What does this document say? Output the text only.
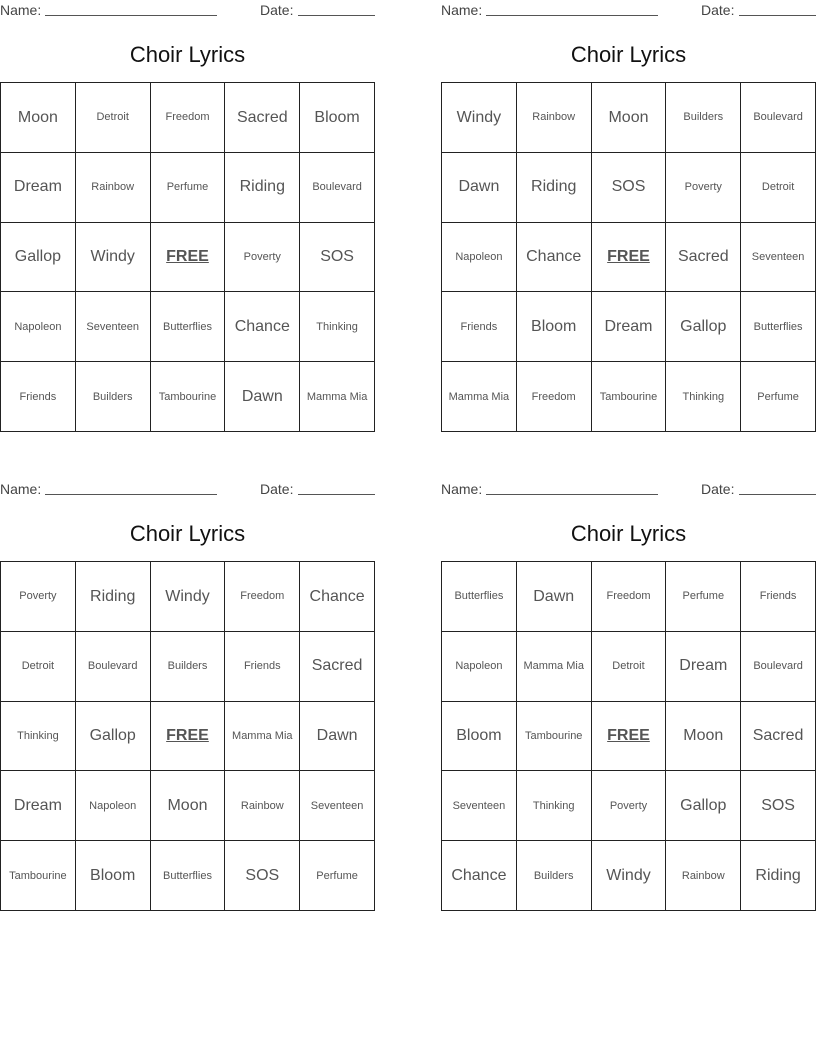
Name:	Date:
Choir Lyrics
Moon	Detroit	Freedom	Sacred	Bloom
Dream	Rainbow	Perfume	Riding	Boulevard
Gallop	Windy	FREE	Poverty	SOS
Napoleon	Seventeen	Butterflies	Chance	Thinking
Friends	Builders	Tambourine	Dawn	Mamma Mia
Name:	Date:
Choir Lyrics
Windy	Rainbow	Moon	Builders	Boulevard
Dawn	Riding	SOS	Poverty	Detroit
Napoleon	Chance	FREE	Sacred	Seventeen
Friends	Bloom	Dream	Gallop	Butterflies
Mamma Mia	Freedom	Tambourine	Thinking	Perfume
Name:	Date:
Choir Lyrics
Poverty	Riding	Windy	Freedom	Chance
Detroit	Boulevard	Builders	Friends	Sacred
Thinking	Gallop	FREE	Mamma Mia	Dawn
Dream	Napoleon	Moon	Rainbow	Seventeen
Tambourine	Bloom	Butterflies	SOS	Perfume
Name:	Date:
Choir Lyrics
Butterflies	Dawn	Freedom	Perfume	Friends
Napoleon	Mamma Mia	Detroit	Dream	Boulevard
Bloom	Tambourine	FREE	Moon	Sacred
Seventeen	Thinking	Poverty	Gallop	SOS
Chance	Builders	Windy	Rainbow	Riding
